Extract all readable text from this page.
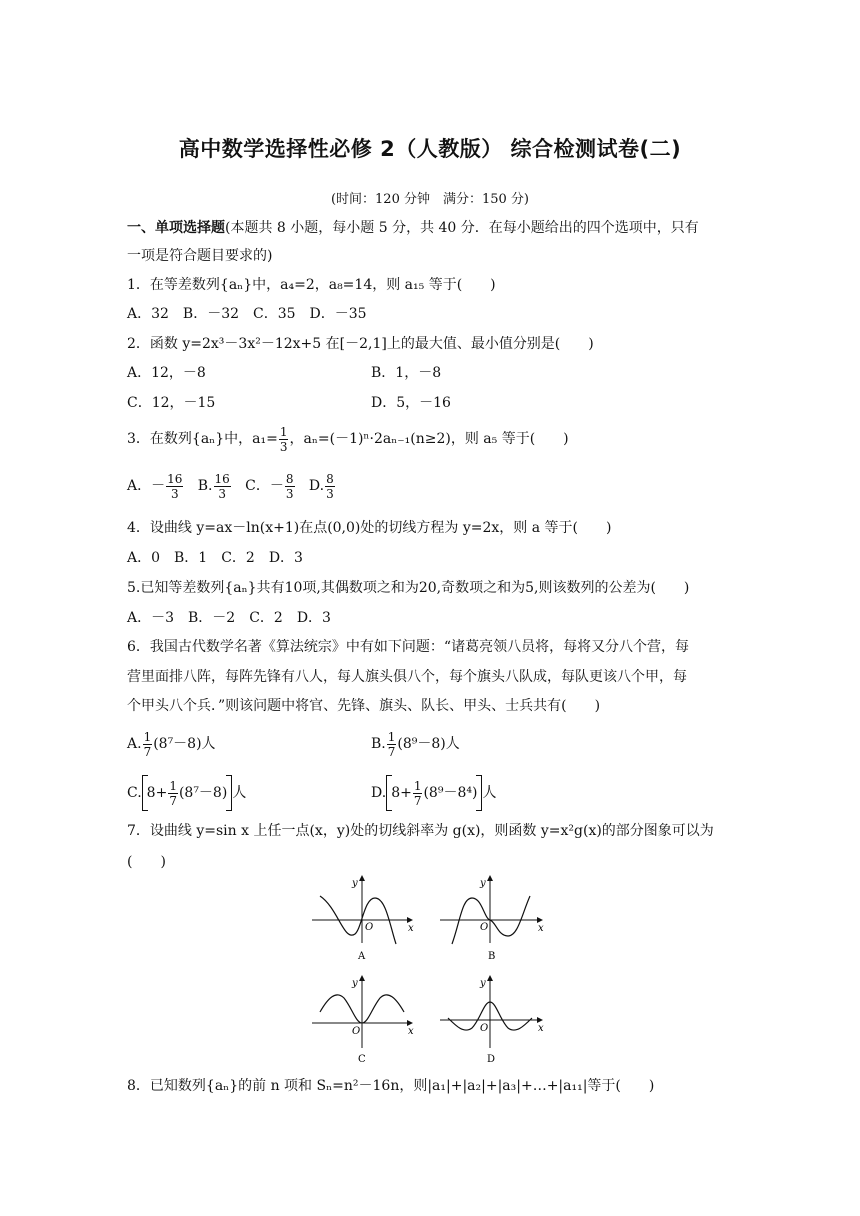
高中数学选择性必修 2（人教版） 综合检测试卷(二)
(时间：120 分钟　满分：150 分)
一、单项选择题(本题共 8 小题，每小题 5 分，共 40 分．在每小题给出的四个选项中，只有
一项是符合题目要求的)
1．在等差数列{aₙ}中，a₄=2，a₈=14，则 a₁₅ 等于(　　)
A．32　B．－32　C．35　D．－35
2．函数 y=2x³－3x²－12x+5 在[－2,1]上的最大值、最小值分别是(　　)
A．12，－8	B．1，－8
C．12，－15	D．5，－16
3．在数列{aₙ}中，$a_1= \frac{1}{3}$ ，aₙ=(－1)ⁿ·2aₙ₋₁(n≥2)，则 a₅ 等于(　　)
A．－ $\frac{16}{3} B$. $\frac{16}{3}$ C．－ $\frac{8}{3} D$. $\frac{8}{3}$
4．设曲线 y=ax－ln(x+1)在点(0,0)处的切线方程为 y=2x，则 a 等于(　　)
A．0　B．1　C．2　D．3
5.已知等差数列{aₙ}共有10项,其偶数项之和为20,奇数项之和为5,则该数列的公差为(　　)
A．－3　B．－2　C．2　D．3
6．我国古代数学名著《算法统宗》中有如下问题：“诸葛亮领八员将，每将又分八个营，每
营里面排八阵，每阵先锋有八人，每人旗头俱八个，每个旗头八队成，每队更该八个甲，每
个甲头八个兵．”则该问题中将官、先锋、旗头、队长、甲头、士兵共有(　　)
A. $\frac{1}{7} (8^7-8)$人	B. $\frac{1}{7} (8^9-8)$人
C. $8+ \frac{1}{7} (8^7-8)$ 人	D. $8+ \frac{1}{7} (8^9-8^4)$ 人
7．设曲线 y=sin x 上任一点(x，y)处的切线斜率为 g(x)，则函数 y=x²g(x)的部分图象可以为
(　　)
y
x
O
A
y
x
O
B
y
x
O
C
y
x
O
D
8．已知数列{aₙ}的前 n 项和 Sₙ=n²－16n，则|a₁|+|a₂|+|a₃|+…+|a₁₁|等于(　　)
